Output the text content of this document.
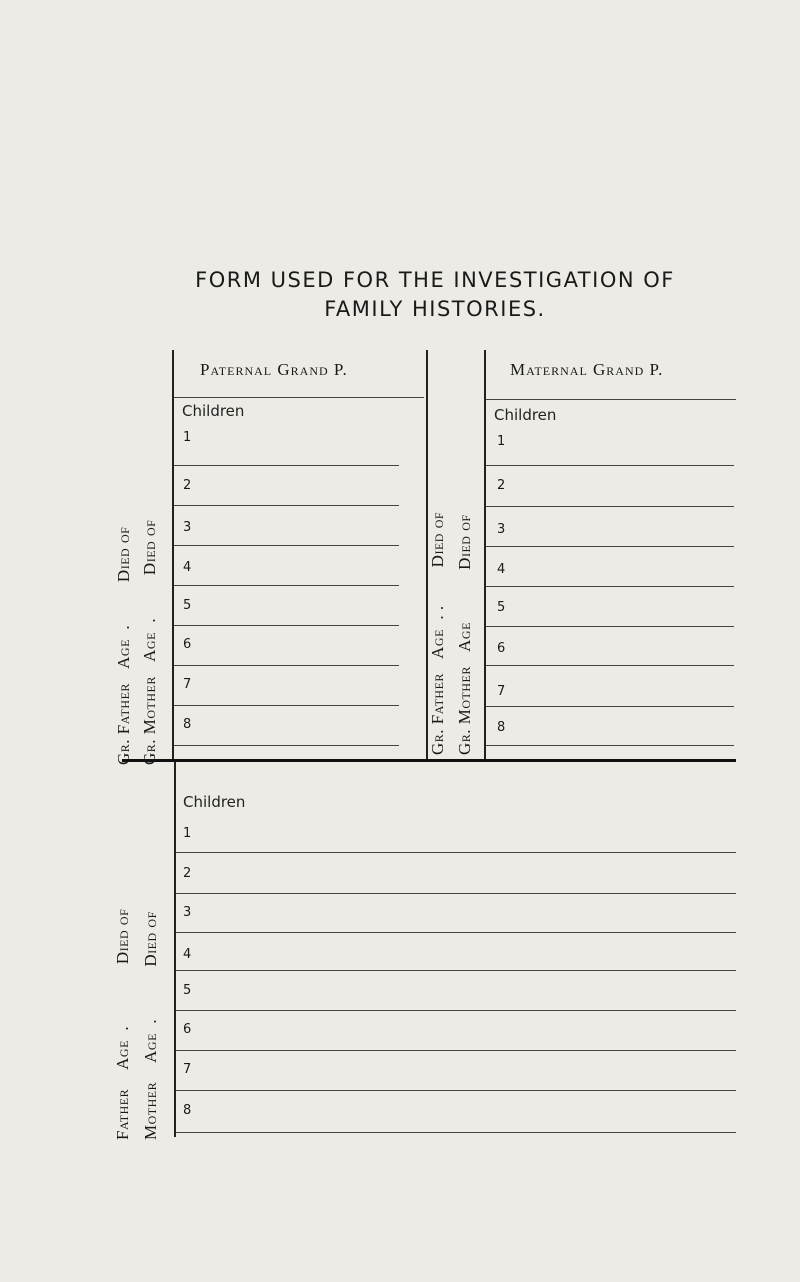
FORM USED FOR THE INVESTIGATION OF
FAMILY HISTORIES.
Paternal Grand P.	Maternal Grand P.
1
2
3
4
5
6
7
8
1
2
3
4
5
6
7
8
1
2
3
4
5
6
7
8
Children	Children
Children
Gr. Father   Age  .         Died of
Gr. Mother   Age  .         Died of
Gr. Father   Age  . .        Died of
Gr. Mother   Age           Died of
Father    Age  .             Died of
Mother    Age  .           Died of
